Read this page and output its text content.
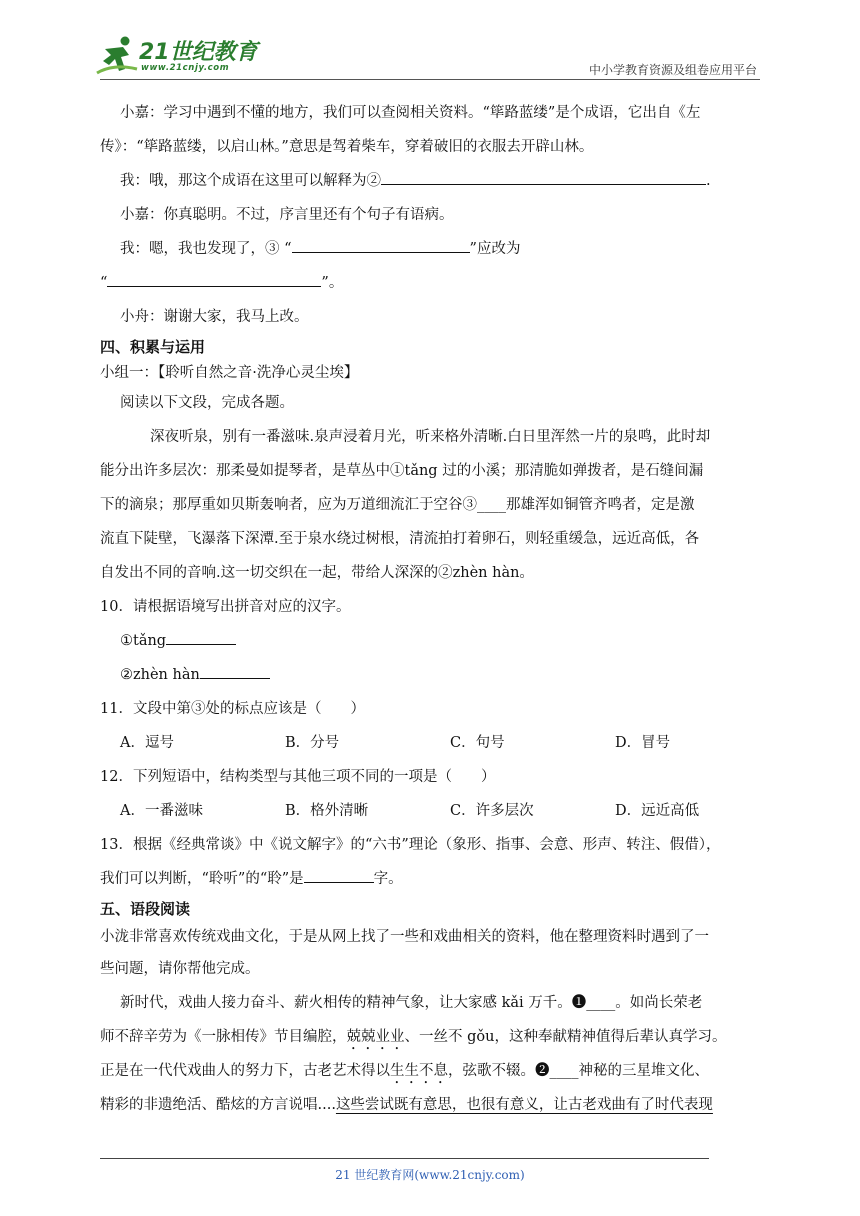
21世纪教育
www.21cnjy.com	中小学教育资源及组卷应用平台

小嘉：学习中遇到不懂的地方，我们可以查阅相关资料。“筚路蓝缕”是个成语，它出自《左

传》：“筚路蓝缕，以启山林。”意思是驾着柴车，穿着破旧的衣服去开辟山林。

我：哦，那这个成语在这里可以解释为②	.

小嘉：你真聪明。不过，序言里还有个句子有语病。

我：嗯，我也发现了，③ “	”应改为

“	”。

小舟：谢谢大家，我马上改。

四、积累与运用

小组一：【聆听自然之音·洗净心灵尘埃】

阅读以下文段，完成各题。

深夜听泉，别有一番滋味.泉声浸着月光，听来格外清晰.白日里浑然一片的泉鸣，此时却

能分出许多层次：那柔曼如提琴者，是草丛中①tǎng 过的小溪；那清脆如弹拨者，是石缝间漏

下的滴泉；那厚重如贝斯轰响者，应为万道细流汇于空谷③____那雄浑如铜管齐鸣者，定是激

流直下陡壁，飞瀑落下深潭.至于泉水绕过树根，清流拍打着卵石，则轻重缓急，远近高低，各

自发出不同的音响.这一切交织在一起，带给人深深的②zhèn hàn。

10．请根据语境写出拼音对应的汉字。

①tǎng

②zhèn hàn

11．文段中第③处的标点应该是（　　）

A．逗号	B．分号	C．句号	D．冒号

12．下列短语中，结构类型与其他三项不同的一项是（　　）

A．一番滋味	B．格外清晰	C．许多层次	D．远近高低

13．根据《经典常谈》中《说文解字》的“六书”理论（象形、指事、会意、形声、转注、假借），

我们可以判断，“聆听”的“聆”是	字。

五、语段阅读

小泷非常喜欢传统戏曲文化，于是从网上找了一些和戏曲相关的资料，他在整理资料时遇到了一

些问题，请你帮他完成。

新时代，戏曲人接力奋斗、薪火相传的精神气象，让大家感 kǎi 万千。❶____。如尚长荣老

师不辞辛劳为《一脉相传》节目编腔，兢兢业业、一丝不 gǒu，这种奉献精神值得后辈认真学习。

正是在一代代戏曲人的努力下，古老艺术得以生生不息，弦歌不辍。❷____神秘的三星堆文化、

精彩的非遗绝活、酷炫的方言说唱....这些尝试既有意思，也很有意义，让古老戏曲有了时代表现

21 世纪教育网(www.21cnjy.com)
